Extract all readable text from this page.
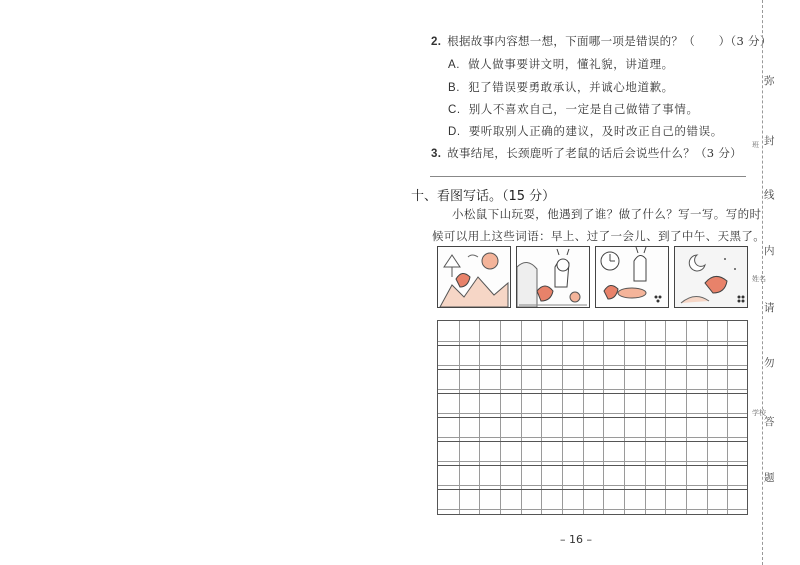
2. 根据故事内容想一想，下面哪一项是错误的？（　　）（3 分）
A. 做人做事要讲文明，懂礼貌，讲道理。
B. 犯了错误要勇敢承认，并诚心地道歉。
C. 别人不喜欢自己，一定是自己做错了事情。
D. 要听取别人正确的建议，及时改正自己的错误。
3. 故事结尾，长颈鹿听了老鼠的话后会说些什么？（3 分）
十、看图写话。（15 分）
小松鼠下山玩耍，他遇到了谁？做了什么？写一写。写的时
候可以用上这些词语：早上、过了一会儿、到了中午、天黑了。
– 16 –
弥
封
线
内
请
勿
答
题
班
姓名
学校
